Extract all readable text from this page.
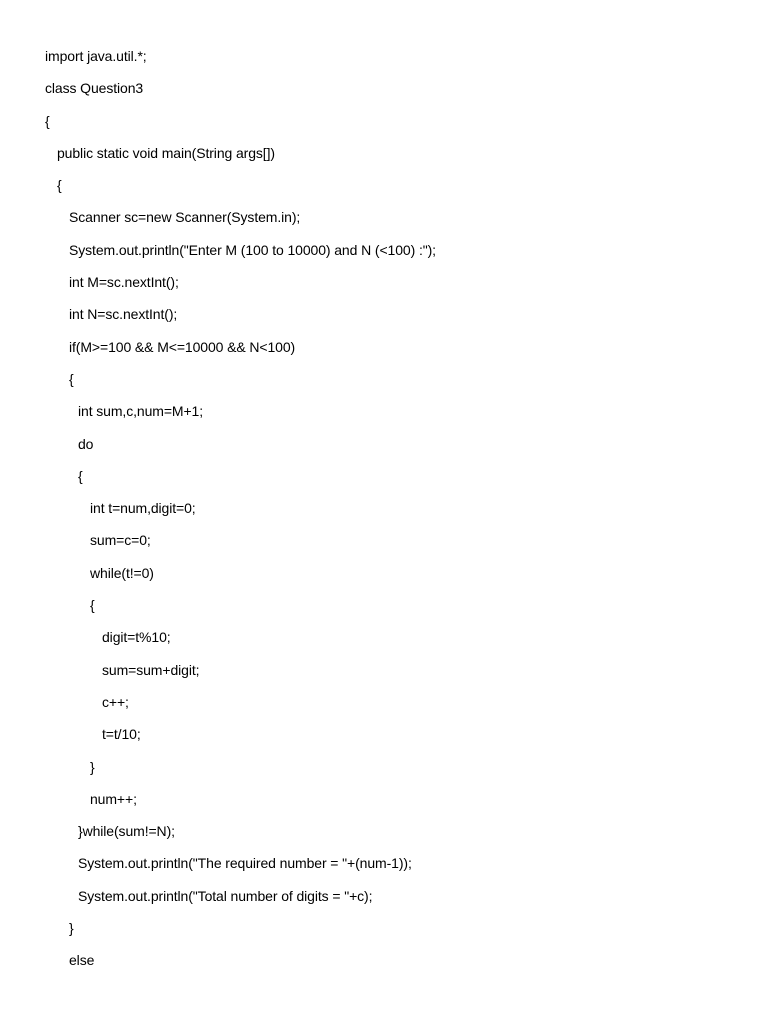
import java.util.*;
class Question3
{
public static void main(String args[])
{
Scanner sc=new Scanner(System.in);
System.out.println("Enter M (100 to 10000) and N (<100) :");
int M=sc.nextInt();
int N=sc.nextInt();
if(M>=100 && M<=10000 && N<100)
{
int sum,c,num=M+1;
do
{
int t=num,digit=0;
sum=c=0;
while(t!=0)
{
digit=t%10;
sum=sum+digit;
c++;
t=t/10;
}
num++;
}while(sum!=N);
System.out.println("The required number = "+(num-1));
System.out.println("Total number of digits = "+c);
}
else
